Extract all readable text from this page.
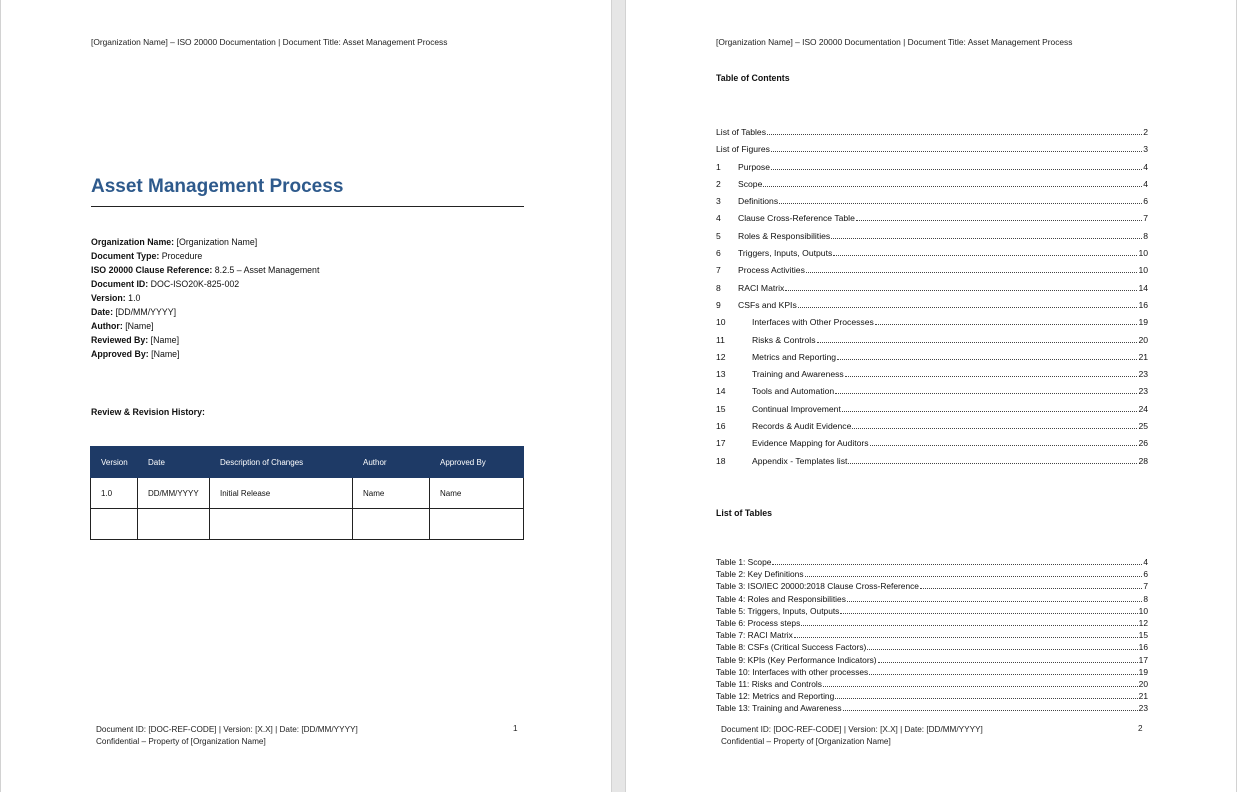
[Organization Name] – ISO 20000 Documentation | Document Title: Asset Management Process
Asset Management Process
Organization Name: [Organization Name]
Document Type: Procedure
ISO 20000 Clause Reference: 8.2.5 – Asset Management
Document ID: DOC-ISO20K-825-002
Version: 1.0
Date: [DD/MM/YYYY]
Author: [Name]
Reviewed By: [Name]
Approved By: [Name]
Review & Revision History:
Version	Date	Description of Changes	Author	Approved By
1.0	DD/MM/YYYY	Initial Release	Name	Name

Document ID: [DOC-REF-CODE] | Version: [X.X] | Date: [DD/MM/YYYY]
Confidential – Property of [Organization Name]
1
[Organization Name] – ISO 20000 Documentation | Document Title: Asset Management Process
Table of Contents
List of Tables	2
List of Figures	3
1	Purpose	4
2	Scope	4
3	Definitions	6
4	Clause Cross-Reference Table	7
5	Roles & Responsibilities	8
6	Triggers, Inputs, Outputs	10
7	Process Activities	10
8	RACI Matrix	14
9	CSFs and KPIs	16
10	Interfaces with Other Processes	19
11	Risks & Controls	20
12	Metrics and Reporting	21
13	Training and Awareness	23
14	Tools and Automation	23
15	Continual Improvement	24
16	Records & Audit Evidence	25
17	Evidence Mapping for Auditors	26
18	Appendix - Templates list	28
List of Tables
Table 1: Scope	4
Table 2: Key Definitions	6
Table 3: ISO/IEC 20000:2018 Clause Cross-Reference	7
Table 4: Roles and Responsibilities	8
Table 5: Triggers, Inputs, Outputs	10
Table 6: Process steps	12
Table 7: RACI Matrix	15
Table 8: CSFs (Critical Success Factors)	16
Table 9: KPIs (Key Performance Indicators)	17
Table 10: Interfaces with other processes	19
Table 11: Risks and Controls	20
Table 12: Metrics and Reporting	21
Table 13: Training and Awareness	23
Document ID: [DOC-REF-CODE] | Version: [X.X] | Date: [DD/MM/YYYY]
Confidential – Property of [Organization Name]
2
